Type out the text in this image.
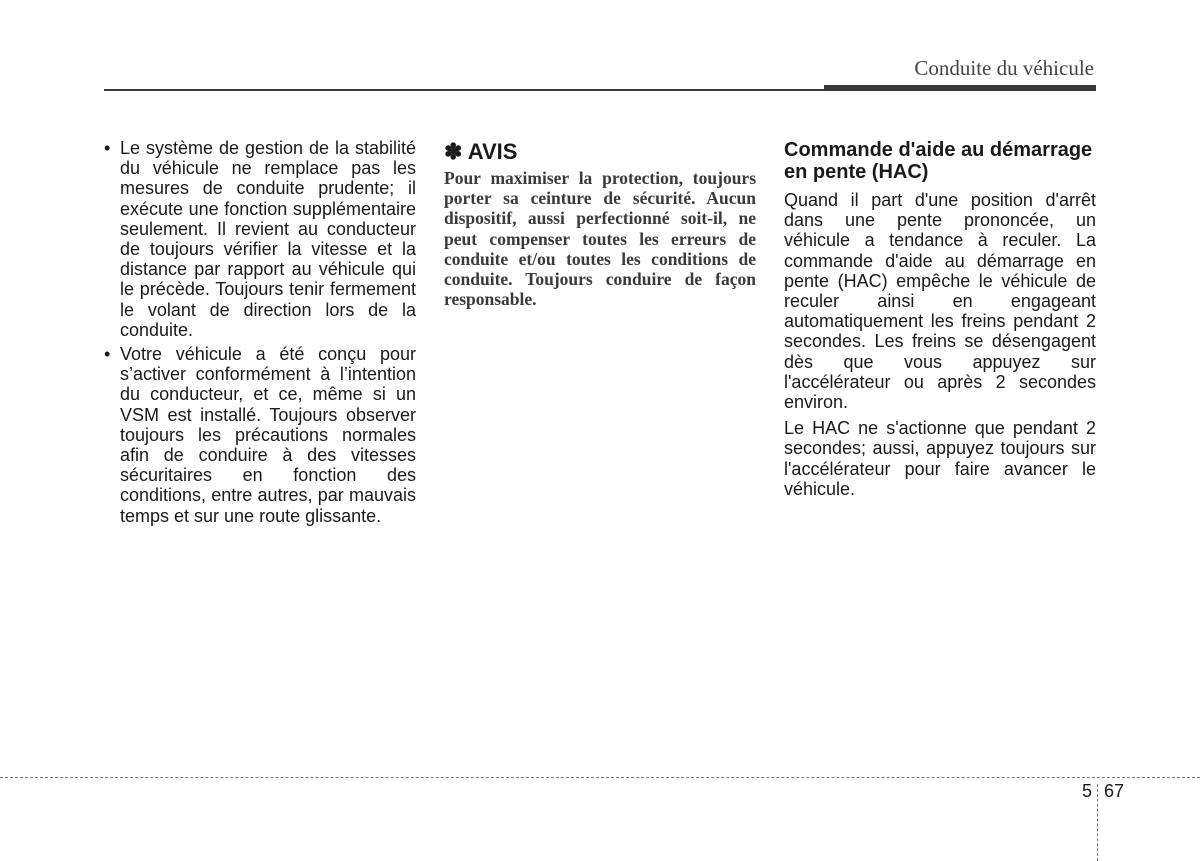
Conduite du véhicule
• Le système de gestion de la stabilité du véhicule ne remplace pas les mesures de conduite prudente; il exécute une fonction supplémentaire seulement. Il revient au conducteur de toujours vérifier la vitesse et la distance par rapport au véhicule qui le précède. Toujours tenir fermement le volant de direction lors de la conduite.
• Votre véhicule a été conçu pour s’activer conformément à l’intention du conducteur, et ce, même si un VSM est installé. Toujours observer toujours les précautions normales afin de conduire à des vitesses sécuritaires en fonction des conditions, entre autres, par mauvais temps et sur une route glissante.
✽ AVIS

Pour maximiser la protection, toujours porter sa ceinture de sécurité. Aucun dispositif, aussi perfectionné soit-il, ne peut compenser toutes les erreurs de conduite et/ou toutes les conditions de conduite. Toujours conduire de façon responsable.

Commande d'aide au démarrage en pente (HAC)

Quand il part d'une position d'arrêt dans une pente prononcée, un véhicule a tendance à reculer. La commande d'aide au démarrage en pente (HAC) empêche le véhicule de reculer ainsi en engageant automatiquement les freins pendant 2 secondes. Les freins se désengagent dès que vous appuyez sur l'accélérateur ou après 2 secondes environ.

Le HAC ne s'actionne que pendant 2 secondes; aussi, appuyez toujours sur l'accélérateur pour faire avancer le véhicule.

5 67
